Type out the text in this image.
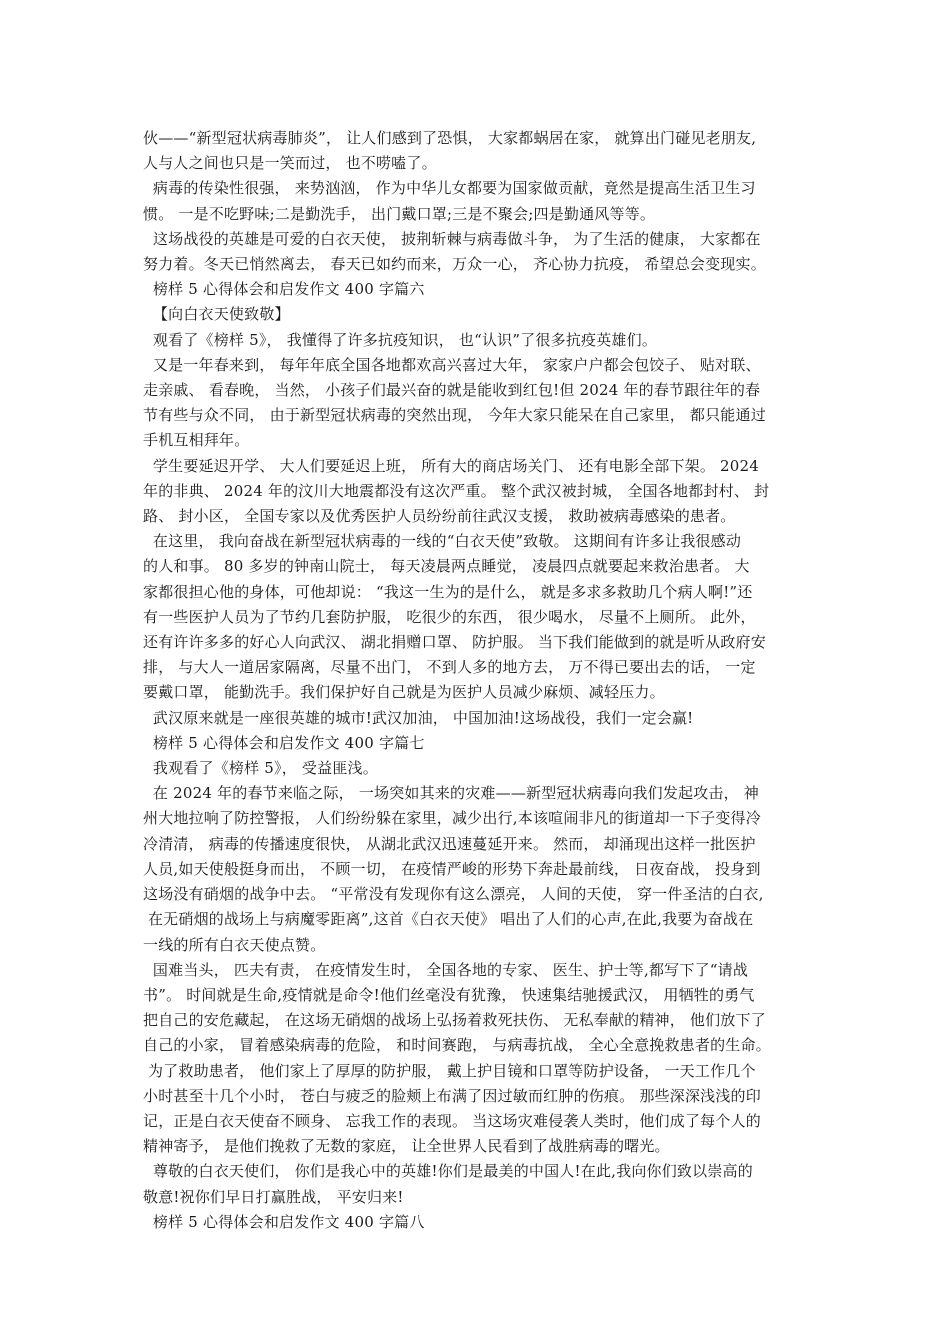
伙——“新型冠状病毒肺炎”， 让人们感到了恐惧， 大家都蜗居在家， 就算出门碰见老朋友,
人与人之间也只是一笑而过， 也不唠嗑了。
病毒的传染性很强， 来势汹汹， 作为中华儿女都要为国家做贡献，竟然是提高生活卫生习
惯。 一是不吃野味;二是勤洗手， 出门戴口罩;三是不聚会;四是勤通风等等。
这场战役的英雄是可爱的白衣天使， 披荆斩棘与病毒做斗争， 为了生活的健康， 大家都在
努力着。冬天已悄然离去， 春天已如约而来，万众一心， 齐心协力抗疫， 希望总会变现实。
榜样 5 心得体会和启发作文 400 字篇六
【向白衣天使致敬】
观看了《榜样 5》， 我懂得了许多抗疫知识， 也“认识”了很多抗疫英雄们。
又是一年春来到， 每年年底全国各地都欢高兴喜过大年， 家家户户都会包饺子、 贴对联、
走亲戚、 看春晚， 当然， 小孩子们最兴奋的就是能收到红包!但 2024 年的春节跟往年的春
节有些与众不同， 由于新型冠状病毒的突然出现， 今年大家只能呆在自己家里， 都只能通过
手机互相拜年。
学生要延迟开学、 大人们要延迟上班， 所有大的商店场关门、 还有电影全部下架。 2024
年的非典、 2024 年的汶川大地震都没有这次严重。 整个武汉被封城， 全国各地都封村、 封
路、 封小区， 全国专家以及优秀医护人员纷纷前往武汉支援， 救助被病毒感染的患者。
在这里， 我向奋战在新型冠状病毒的一线的“白衣天使”致敬。 这期间有许多让我很感动
的人和事。 80 多岁的钟南山院士， 每天凌晨两点睡觉， 凌晨四点就要起来救治患者。 大
家都很担心他的身体，可他却说： “我这一生为的是什么， 就是多求多救助几个病人啊!”还
有一些医护人员为了节约几套防护服， 吃很少的东西， 很少喝水， 尽量不上厕所。 此外，
还有许许多多的好心人向武汉、 湖北捐赠口罩、 防护服。 当下我们能做到的就是听从政府安
排， 与大人一道居家隔离，尽量不出门， 不到人多的地方去， 万不得已要出去的话， 一定
要戴口罩， 能勤洗手。我们保护好自己就是为医护人员减少麻烦、减轻压力。
武汉原来就是一座很英雄的城市!武汉加油， 中国加油!这场战役，我们一定会赢!
榜样 5 心得体会和启发作文 400 字篇七
我观看了《榜样 5》， 受益匪浅。
在 2024 年的春节来临之际， 一场突如其来的灾难——新型冠状病毒向我们发起攻击， 神
州大地拉响了防控警报， 人们纷纷躲在家里，减少出行,本该喧闹非凡的街道却一下子变得冷
冷清清， 病毒的传播速度很快， 从湖北武汉迅速蔓延开来。 然而， 却涌现出这样一批医护
人员,如天使般挺身而出， 不顾一切， 在疫情严峻的形势下奔赴最前线， 日夜奋战， 投身到
这场没有硝烟的战争中去。 “平常没有发现你有这么漂亮， 人间的天使， 穿一件圣洁的白衣,
在无硝烟的战场上与病魔零距离”,这首《白衣天使》 唱出了人们的心声,在此,我要为奋战在
一线的所有白衣天使点赞。
国难当头， 匹夫有责， 在疫情发生时， 全国各地的专家、 医生、护士等,都写下了“请战
书”。 时间就是生命,疫情就是命令!他们丝毫没有犹豫， 快速集结驰援武汉， 用牺牲的勇气
把自己的安危藏起， 在这场无硝烟的战场上弘扬着救死扶伤、 无私奉献的精神， 他们放下了
自己的小家， 冒着感染病毒的危险， 和时间赛跑， 与病毒抗战， 全心全意挽救患者的生命。
为了救助患者， 他们家上了厚厚的防护服， 戴上护目镜和口罩等防护设备， 一天工作几个
小时甚至十几个小时， 苍白与疲乏的脸颊上布满了因过敏而红肿的伤痕。 那些深深浅浅的印
记，正是白衣天使奋不顾身、 忘我工作的表现。 当这场灾难侵袭人类时，他们成了每个人的
精神寄予， 是他们挽救了无数的家庭， 让全世界人民看到了战胜病毒的曙光。
尊敬的白衣天使们， 你们是我心中的英雄!你们是最美的中国人!在此,我向你们致以崇高的
敬意!祝你们早日打赢胜战， 平安归来!
榜样 5 心得体会和启发作文 400 字篇八
